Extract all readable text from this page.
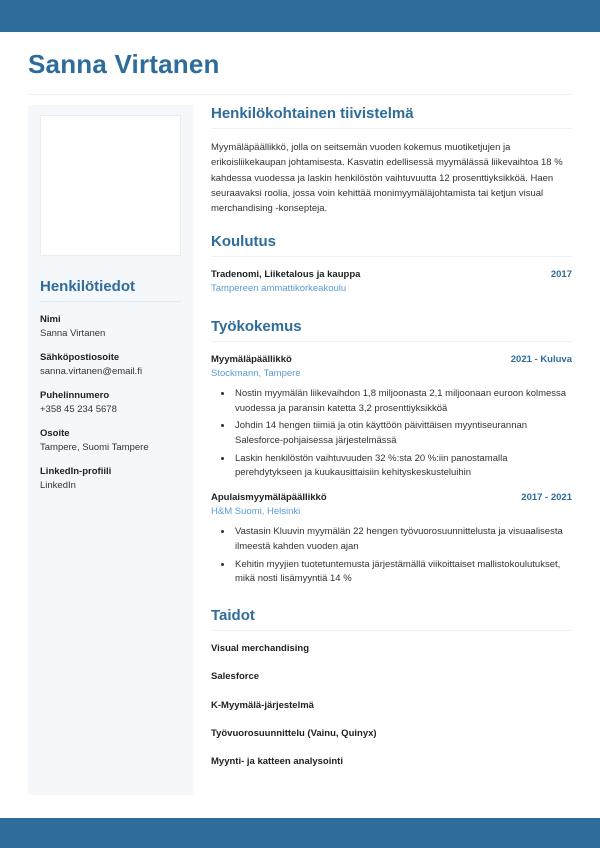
Sanna Virtanen
Henkilötiedot
Nimi
Sanna Virtanen
Sähköpostiosoite
sanna.virtanen@email.fi
Puhelinnumero
+358 45 234 5678
Osoite
Tampere, Suomi Tampere
LinkedIn-profiili
LinkedIn
Henkilökohtainen tiivistelmä

Myymäläpäällikkö, jolla on seitsemän vuoden kokemus muotiketjujen ja erikoisliikekaupan johtamisesta. Kasvatin edellisessä myymälässä liikevaihtoa 18 % kahdessa vuodessa ja laskin henkilöstön vaihtuvuutta 12 prosenttiyksikköä. Haen seuraavaksi roolia, jossa voin kehittää monimyymäläjohtamista tai ketjun visual merchandising -konsepteja.

Koulutus
Tradenomi, Liiketalous ja kauppa	2017
Tampereen ammattikorkeakoulu
Työkokemus
Myymäläpäällikkö	2021 - Kuluva
Stockmann, Tampere
• Nostin myymälän liikevaihdon 1,8 miljoonasta 2,1 miljoonaan euroon kolmessa vuodessa ja paransin katetta 3,2 prosenttiyksikköä
• Johdin 14 hengen tiimiä ja otin käyttöön päivittäisen myyntiseurannan Salesforce-pohjaisessa järjestelmässä
• Laskin henkilöstön vaihtuvuuden 32 %:sta 20 %:iin panostamalla perehdytykseen ja kuukausittaisiin kehityskeskusteluihin
Apulaismyymäläpäällikkö	2017 - 2021
H&M Suomi, Helsinki
• Vastasin Kluuvin myymälän 22 hengen työvuorosuunnittelusta ja visuaalisesta ilmeestä kahden vuoden ajan
• Kehitin myyjien tuotetuntemusta järjestämällä viikoittaiset mallistokoulutukset, mikä nosti lisämyyntiä 14 %
Taidot
Visual merchandising
Salesforce
K-Myymälä-järjestelmä
Työvuorosuunnittelu (Vainu, Quinyx)
Myynti- ja katteen analysointi
